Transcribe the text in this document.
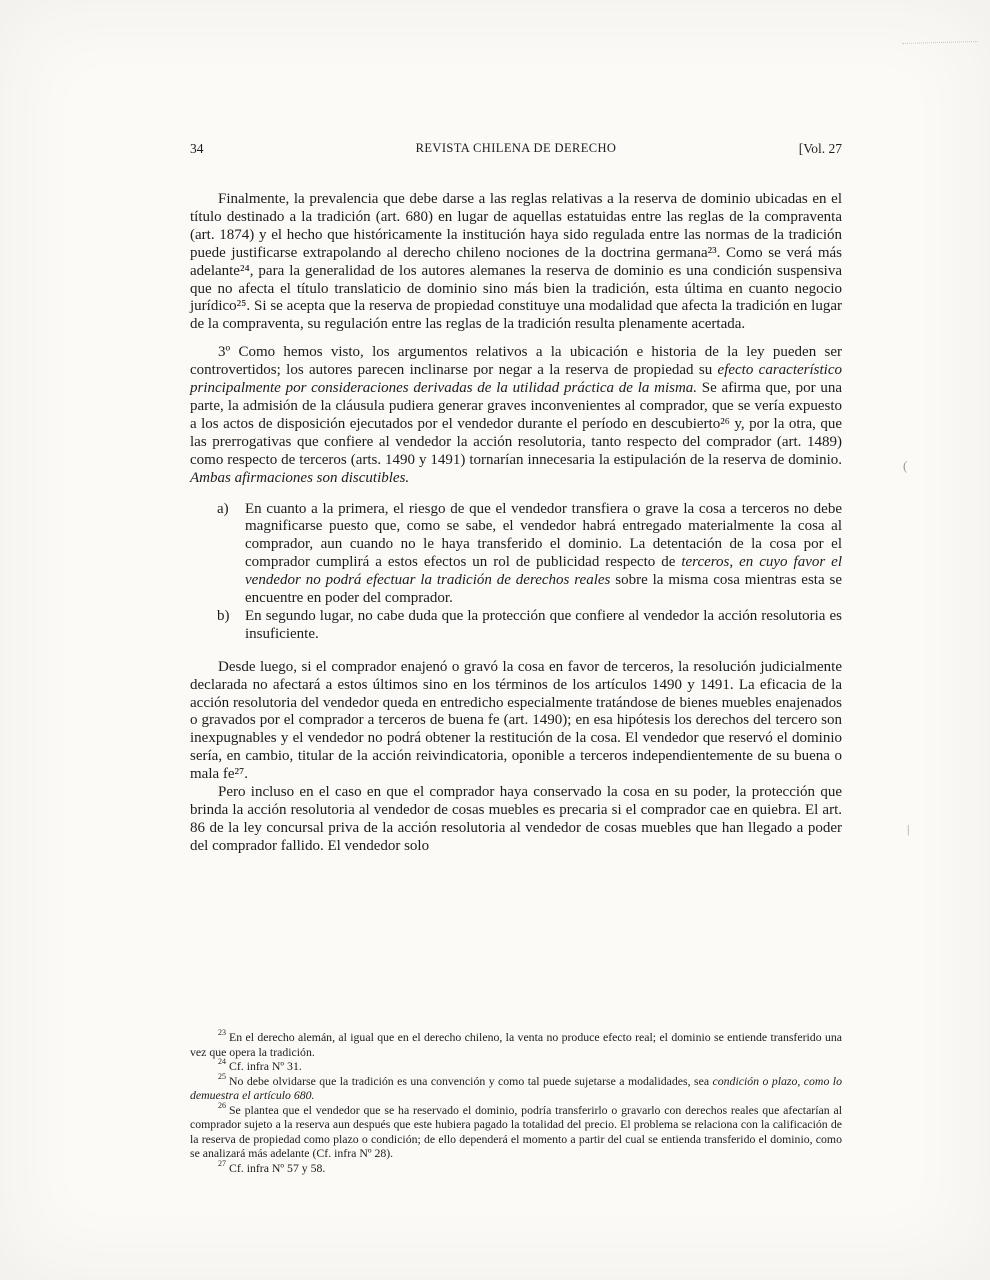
34	REVISTA CHILENA DE DERECHO	[Vol. 27

Finalmente, la prevalencia que debe darse a las reglas relativas a la reserva de dominio ubicadas en el título destinado a la tradición (art. 680) en lugar de aquellas estatuidas entre las reglas de la compraventa (art. 1874) y el hecho que históricamente la institución haya sido regulada entre las normas de la tradición puede justificarse extrapolando al derecho chileno nociones de la doctrina germana²³. Como se verá más adelante²⁴, para la generalidad de los autores alemanes la reserva de dominio es una condición suspensiva que no afecta el título translaticio de dominio sino más bien la tradición, esta última en cuanto negocio jurídico²⁵. Si se acepta que la reserva de propiedad constituye una modalidad que afecta la tradición en lugar de la compraventa, su regulación entre las reglas de la tradición resulta plenamente acertada.

3º Como hemos visto, los argumentos relativos a la ubicación e historia de la ley pueden ser controvertidos; los autores parecen inclinarse por negar a la reserva de propiedad su efecto característico principalmente por consideraciones derivadas de la utilidad práctica de la misma. Se afirma que, por una parte, la admisión de la cláusula pudiera generar graves inconvenientes al comprador, que se vería expuesto a los actos de disposición ejecutados por el vendedor durante el período en descubierto²⁶ y, por la otra, que las prerrogativas que confiere al vendedor la acción resolutoria, tanto respecto del comprador (art. 1489) como respecto de terceros (arts. 1490 y 1491) tornarían innecesaria la estipulación de la reserva de dominio. Ambas afirmaciones son discutibles.

a)	En cuanto a la primera, el riesgo de que el vendedor transfiera o grave la cosa a terceros no debe magnificarse puesto que, como se sabe, el vendedor habrá entregado materialmente la cosa al comprador, aun cuando no le haya transferido el dominio. La detentación de la cosa por el comprador cumplirá a estos efectos un rol de publicidad respecto de terceros, en cuyo favor el vendedor no podrá efectuar la tradición de derechos reales sobre la misma cosa mientras esta se encuentre en poder del comprador.
b)	En segundo lugar, no cabe duda que la protección que confiere al vendedor la acción resolutoria es insuficiente.

Desde luego, si el comprador enajenó o gravó la cosa en favor de terceros, la resolución judicialmente declarada no afectará a estos últimos sino en los términos de los artículos 1490 y 1491. La eficacia de la acción resolutoria del vendedor queda en entredicho especialmente tratándose de bienes muebles enajenados o gravados por el comprador a terceros de buena fe (art. 1490); en esa hipótesis los derechos del tercero son inexpugnables y el vendedor no podrá obtener la restitución de la cosa. El vendedor que reservó el dominio sería, en cambio, titular de la acción reivindicatoria, oponible a terceros independientemente de su buena o mala fe²⁷.

Pero incluso en el caso en que el comprador haya conservado la cosa en su poder, la protección que brinda la acción resolutoria al vendedor de cosas muebles es precaria si el comprador cae en quiebra. El art. 86 de la ley concursal priva de la acción resolutoria al vendedor de cosas muebles que han llegado a poder del comprador fallido. El vendedor solo

$^{23}$ En el derecho alemán, al igual que en el derecho chileno, la venta no produce efecto real; el dominio se entiende transferido una vez que opera la tradición.

$^{24}$ Cf. infra Nº 31.

$^{25}$ No debe olvidarse que la tradición es una convención y como tal puede sujetarse a modalidades, sea condición o plazo, como lo demuestra el artículo 680.

$^{26}$ Se plantea que el vendedor que se ha reservado el dominio, podría transferirlo o gravarlo con derechos reales que afectarían al comprador sujeto a la reserva aun después que este hubiera pagado la totalidad del precio. El problema se relaciona con la calificación de la reserva de propiedad como plazo o condición; de ello dependerá el momento a partir del cual se entienda transferido el dominio, como se analizará más adelante (Cf. infra Nº 28).

$^{27}$ Cf. infra Nº 57 y 58.

(
|
